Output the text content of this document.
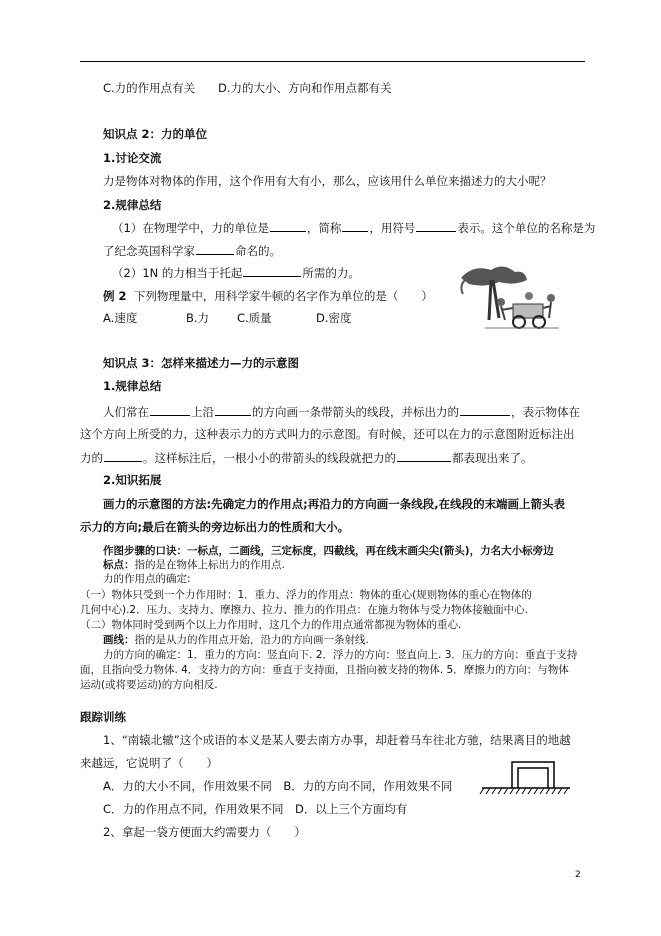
C.力的作用点有关 D.力的大小、方向和作用点都有关
知识点 2：力的单位
1.讨论交流
力是物体对物体的作用，这个作用有大有小，那么，应该用什么单位来描述力的大小呢？
2.规律总结
（1）在物理学中，力的单位是	，简称 ，用符号	表示。这个单位的名称是为
了纪念英国科学家	命名的。
（2）1N 的力相当于托起	所需的力。
例 2 下列物理量中，用科学家牛顿的名字作为单位的是（　　）
A.速度	B.力 C.质量	D.密度
知识点 3：怎样来描述力—力的示意图
1.规律总结
人们常在	上沿	的方向画一条带箭头的线段，并标出力的	，表示物体在
这个方向上所受的力，这种表示力的方式叫力的示意图。有时候，还可以在力的示意图附近标注出
力的	。这样标注后，一根小小的带箭头的线段就把力的	都表现出来了。
2.知识拓展
画力的示意图的方法:先确定力的作用点;再沿力的方向画一条线段,在线段的末端画上箭头表
示力的方向;最后在箭头的旁边标出力的性质和大小。
作图步骤的口诀：一标点，二画线，三定标度，四截线，再在线末画尖尖(箭头)，力名大小标旁边
标点：指的是在物体上标出力的作用点.
力的作用点的确定:
（一）物体只受到一个力作用时：1．重力、浮力的作用点：物体的重心(规则物体的重心在物体的
几何中心).2．压力、支持力、摩擦力、拉力、推力的作用点：在施力物体与受力物体接触面中心.
（二）物体同时受到两个以上力作用时，这几个力的作用点通常都视为物体的重心.
画线：指的是从力的作用点开始，沿力的方向画一条射线.
力的方向的确定：1．重力的方向：竖直向下. 2．浮力的方向：竖直向上. 3．压力的方向：垂直于支持
面，且指向受力物体. 4．支持力的方向：垂直于支持面，且指向被支持的物体. 5．摩擦力的方向：与物体
运动(或将要运动)的方向相反.
跟踪训练
1、“南辕北辙”这个成语的本义是某人要去南方办事，却赶着马车往北方驰，结果离目的地越
来越远，它说明了（　　）
A．力的大小不同，作用效果不同　B．力的方向不同，作用效果不同
C．力的作用点不同，作用效果不同　D．以上三个方面均有
2、拿起一袋方便面大约需要力（　　）
2
